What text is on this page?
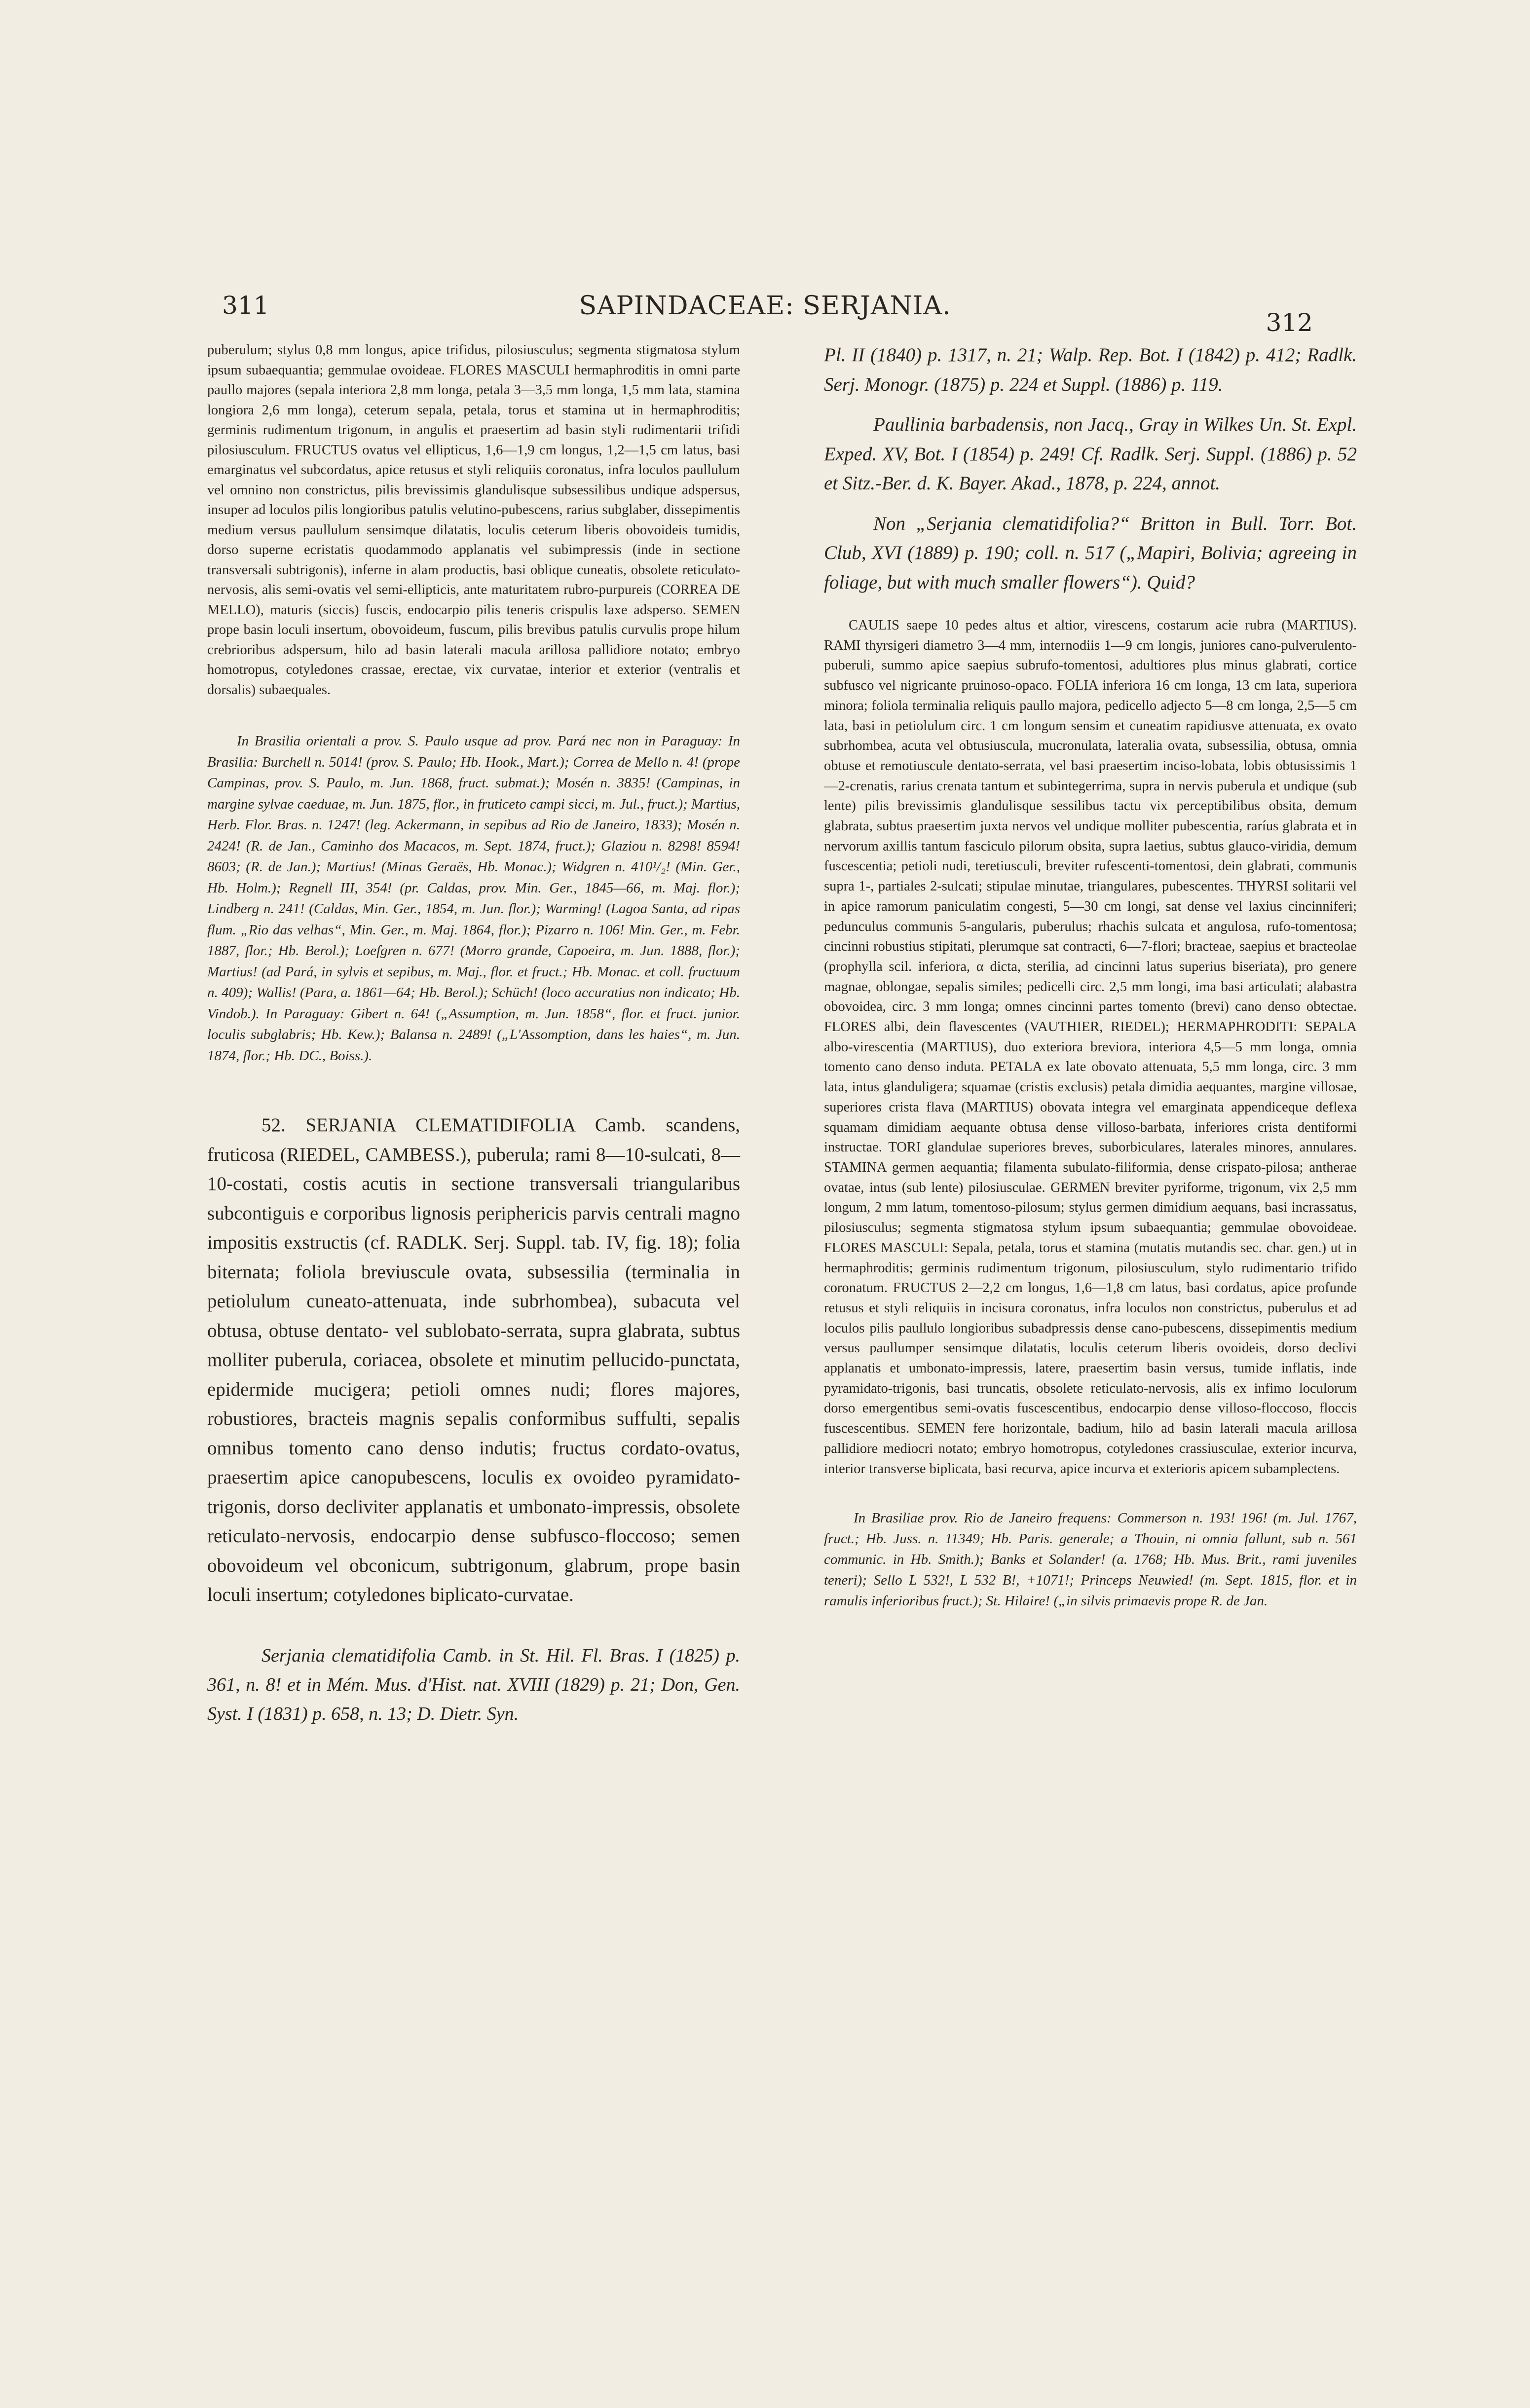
311	SAPINDACEAE: SERJANIA.
312

puberulum; stylus 0,8 mm longus, apice trifidus, pilosiusculus; segmenta stigmatosa stylum ipsum subaequantia; gemmulae ovoideae. FLORES MASCULI hermaphroditis in omni parte paullo majores (sepala interiora 2,8 mm longa, petala 3—3,5 mm longa, 1,5 mm lata, stamina longiora 2,6 mm longa), ceterum sepala, petala, torus et stamina ut in hermaphroditis; germinis rudimentum trigonum, in angulis et praesertim ad basin styli rudimentarii trifidi pilosiusculum. FRUCTUS ovatus vel ellipticus, 1,6—1,9 cm longus, 1,2—1,5 cm latus, basi emarginatus vel subcordatus, apice retusus et styli reliquiis coronatus, infra loculos paullulum vel omnino non constrictus, pilis brevissimis glandulisque subsessilibus undique adspersus, insuper ad loculos pilis longioribus patulis velutino-pubescens, rarius subglaber, dissepimentis medium versus paullulum sensimque dilatatis, loculis ceterum liberis obovoideis tumidis, dorso superne ecristatis quodammodo applanatis vel subimpressis (inde in sectione transversali subtrigonis), inferne in alam productis, basi oblique cuneatis, obsolete reticulato-nervosis, alis semi-ovatis vel semi-ellipticis, ante maturitatem rubro-purpureis (CORREA DE MELLO), maturis (siccis) fuscis, endocarpio pilis teneris crispulis laxe adsperso. SEMEN prope basin loculi insertum, obovoideum, fuscum, pilis brevibus patulis curvulis prope hilum crebrioribus adspersum, hilo ad basin laterali macula arillosa pallidiore notato; embryo homotropus, cotyledones crassae, erectae, vix curvatae, interior et exterior (ventralis et dorsalis) subaequales.

In Brasilia orientali a prov. S. Paulo usque ad prov. Pará nec non in Paraguay: In Brasilia: Burchell n. 5014! (prov. S. Paulo; Hb. Hook., Mart.); Correa de Mello n. 4! (prope Campinas, prov. S. Paulo, m. Jun. 1868, fruct. submat.); Mosén n. 3835! (Campinas, in margine sylvae caeduae, m. Jun. 1875, flor., in fruticeto campi sicci, m. Jul., fruct.); Martius, Herb. Flor. Bras. n. 1247! (leg. Ackermann, in sepibus ad Rio de Janeiro, 1833); Mosén n. 2424! (R. de Jan., Caminho dos Macacos, m. Sept. 1874, fruct.); Glaziou n. 8298! 8594! 8603; (R. de Jan.); Martius! (Minas Geraës, Hb. Monac.); Widgren n. 410¹/₂! (Min. Ger., Hb. Holm.); Regnell III, 354! (pr. Caldas, prov. Min. Ger., 1845—66, m. Maj. flor.); Lindberg n. 241! (Caldas, Min. Ger., 1854, m. Jun. flor.); Warming! (Lagoa Santa, ad ripas flum. „Rio das velhas“, Min. Ger., m. Maj. 1864, flor.); Pizarro n. 106! Min. Ger., m. Febr. 1887, flor.; Hb. Berol.); Loefgren n. 677! (Morro grande, Capoeira, m. Jun. 1888, flor.); Martius! (ad Pará, in sylvis et sepibus, m. Maj., flor. et fruct.; Hb. Monac. et coll. fructuum n. 409); Wallis! (Para, a. 1861—64; Hb. Berol.); Schüch! (loco accuratius non indicato; Hb. Vindob.). In Paraguay: Gibert n. 64! („Assumption, m. Jun. 1858“, flor. et fruct. junior. loculis subglabris; Hb. Kew.); Balansa n. 2489! („L'Assomption, dans les haies“, m. Jun. 1874, flor.; Hb. DC., Boiss.).

52. SERJANIA CLEMATIDIFOLIA Camb. scandens, fruticosa (RIEDEL, CAMBESS.), puberula; rami 8—10-sulcati, 8—10-costati, costis acutis in sectione transversali triangularibus subcontiguis e corporibus lignosis periphericis parvis centrali magno impositis exstructis (cf. RADLK. Serj. Suppl. tab. IV, fig. 18); folia biternata; foliola breviuscule ovata, subsessilia (terminalia in petiolulum cuneato-attenuata, inde subrhombea), subacuta vel obtusa, obtuse dentato- vel sublobato-serrata, supra glabrata, subtus molliter puberula, coriacea, obsolete et minutim pellucido-punctata, epidermide mucigera; petioli omnes nudi; flores majores, robustiores, bracteis magnis sepalis conformibus suffulti, sepalis omnibus tomento cano denso indutis; fructus cordato-ovatus, praesertim apice canopubescens, loculis ex ovoideo pyramidato-trigonis, dorso decliviter applanatis et umbonato-impressis, obsolete reticulato-nervosis, endocarpio dense subfusco-floccoso; semen obovoideum vel obconicum, subtrigonum, glabrum, prope basin loculi insertum; cotyledones biplicato-curvatae.

Serjania clematidifolia Camb. in St. Hil. Fl. Bras. I (1825) p. 361, n. 8! et in Mém. Mus. d'Hist. nat. XVIII (1829) p. 21; Don, Gen. Syst. I (1831) p. 658, n. 13; D. Dietr. Syn.

Pl. II (1840) p. 1317, n. 21; Walp. Rep. Bot. I (1842) p. 412; Radlk. Serj. Monogr. (1875) p. 224 et Suppl. (1886) p. 119.

Paullinia barbadensis, non Jacq., Gray in Wilkes Un. St. Expl. Exped. XV, Bot. I (1854) p. 249! Cf. Radlk. Serj. Suppl. (1886) p. 52 et Sitz.-Ber. d. K. Bayer. Akad., 1878, p. 224, annot.

Non „Serjania clematidifolia?“ Britton in Bull. Torr. Bot. Club, XVI (1889) p. 190; coll. n. 517 („Mapiri, Bolivia; agreeing in foliage, but with much smaller flowers“). Quid?

CAULIS saepe 10 pedes altus et altior, virescens, costarum acie rubra (MARTIUS). RAMI thyrsigeri diametro 3—4 mm, internodiis 1—9 cm longis, juniores cano-pulverulento-puberuli, summo apice saepius subrufo-tomentosi, adultiores plus minus glabrati, cortice subfusco vel nigricante pruinoso-opaco. FOLIA inferiora 16 cm longa, 13 cm lata, superiora minora; foliola terminalia reliquis paullo majora, pedicello adjecto 5—8 cm longa, 2,5—5 cm lata, basi in petiolulum circ. 1 cm longum sensim et cuneatim rapidiusve attenuata, ex ovato subrhombea, acuta vel obtusiuscula, mucronulata, lateralia ovata, subsessilia, obtusa, omnia obtuse et remotiuscule dentato-serrata, vel basi praesertim inciso-lobata, lobis obtusissimis 1—2-crenatis, rarius crenata tantum et subintegerrima, supra in nervis puberula et undique (sub lente) pilis brevissimis glandulisque sessilibus tactu vix perceptibilibus obsita, demum glabrata, subtus praesertim juxta nervos vel undique molliter pubescentia, raríus glabrata et in nervorum axillis tantum fasciculo pilorum obsita, supra laetius, subtus glauco-viridia, demum fuscescentia; petioli nudi, teretiusculi, breviter rufescenti-tomentosi, dein glabrati, communis supra 1-, partiales 2-sulcati; stipulae minutae, triangulares, pubescentes. THYRSI solitarii vel in apice ramorum paniculatim congesti, 5—30 cm longi, sat dense vel laxius cincinniferi; pedunculus communis 5-angularis, puberulus; rhachis sulcata et angulosa, rufo-tomentosa; cincinni robustius stipitati, plerumque sat contracti, 6—7-flori; bracteae, saepius et bracteolae (prophylla scil. inferiora, α dicta, sterilia, ad cincinni latus superius biseriata), pro genere magnae, oblongae, sepalis similes; pedicelli circ. 2,5 mm longi, ima basi articulati; alabastra obovoidea, circ. 3 mm longa; omnes cincinni partes tomento (brevi) cano denso obtectae. FLORES albi, dein flavescentes (VAUTHIER, RIEDEL); HERMAPHRODITI: SEPALA albo-virescentia (MARTIUS), duo exteriora breviora, interiora 4,5—5 mm longa, omnia tomento cano denso induta. PETALA ex late obovato attenuata, 5,5 mm longa, circ. 3 mm lata, intus glanduligera; squamae (cristis exclusis) petala dimidia aequantes, margine villosae, superiores crista flava (MARTIUS) obovata integra vel emarginata appendiceque deflexa squamam dimidiam aequante obtusa dense villoso-barbata, inferiores crista dentiformi instructae. TORI glandulae superiores breves, suborbiculares, laterales minores, annulares. STAMINA germen aequantia; filamenta subulato-filiformia, dense crispato-pilosa; antherae ovatae, intus (sub lente) pilosiusculae. GERMEN breviter pyriforme, trigonum, vix 2,5 mm longum, 2 mm latum, tomentoso-pilosum; stylus germen dimidium aequans, basi incrassatus, pilosiusculus; segmenta stigmatosa stylum ipsum subaequantia; gemmulae obovoideae. FLORES MASCULI: Sepala, petala, torus et stamina (mutatis mutandis sec. char. gen.) ut in hermaphroditis; germinis rudimentum trigonum, pilosiusculum, stylo rudimentario trifido coronatum. FRUCTUS 2—2,2 cm longus, 1,6—1,8 cm latus, basi cordatus, apice profunde retusus et styli reliquiis in incisura coronatus, infra loculos non constrictus, puberulus et ad loculos pilis paullulo longioribus subadpressis dense cano-pubescens, dissepimentis medium versus paullumper sensimque dilatatis, loculis ceterum liberis ovoideis, dorso declivi applanatis et umbonato-impressis, latere, praesertim basin versus, tumide inflatis, inde pyramidato-trigonis, basi truncatis, obsolete reticulato-nervosis, alis ex infimo loculorum dorso emergentibus semi-ovatis fuscescentibus, endocarpio dense villoso-floccoso, floccis fuscescentibus. SEMEN fere horizontale, badium, hilo ad basin laterali macula arillosa pallidiore mediocri notato; embryo homotropus, cotyledones crassiusculae, exterior incurva, interior transverse biplicata, basi recurva, apice incurva et exterioris apicem subamplectens.

In Brasiliae prov. Rio de Janeiro frequens: Commerson n. 193! 196! (m. Jul. 1767, fruct.; Hb. Juss. n. 11349; Hb. Paris. generale; a Thouin, ni omnia fallunt, sub n. 561 communic. in Hb. Smith.); Banks et Solander! (a. 1768; Hb. Mus. Brit., rami juveniles teneri); Sello L 532!, L 532 B!, +1071!; Princeps Neuwied! (m. Sept. 1815, flor. et in ramulis inferioribus fruct.); St. Hilaire! („in silvis primaevis prope R. de Jan.
